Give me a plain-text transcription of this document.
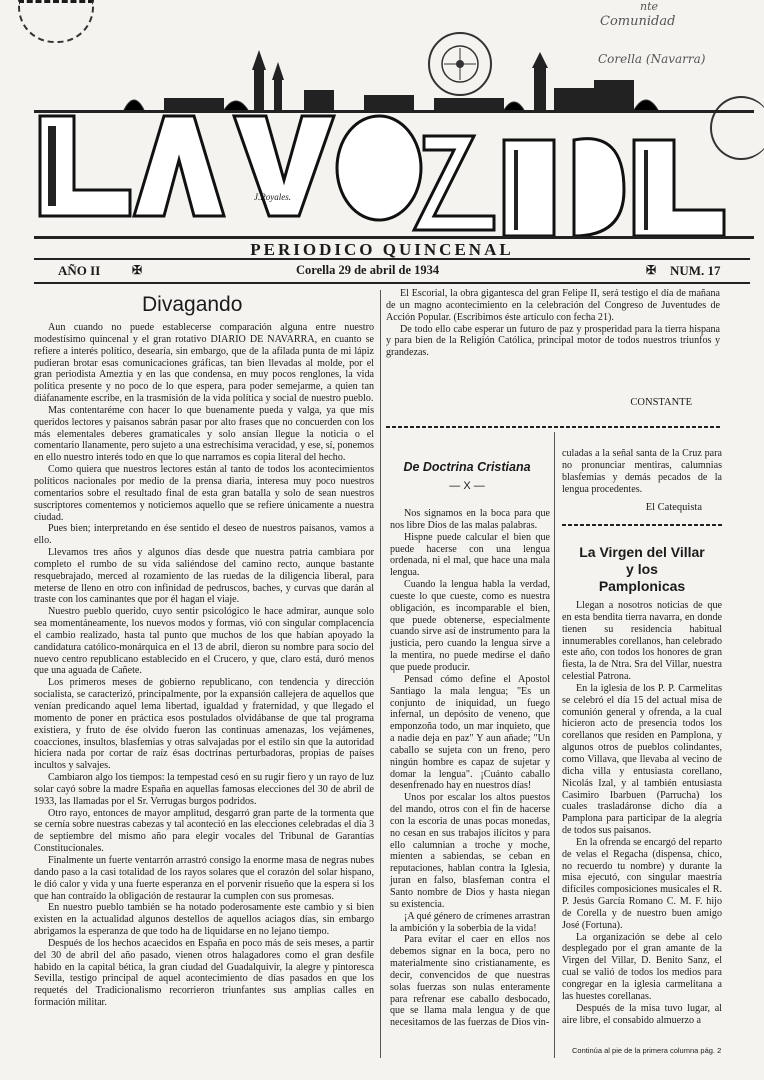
Comunidad
Corella (Navarra)
nte
J.Royales.
PERIODICO QUINCENAL
AÑO II	✠	Corella 29 de abril de 1934	✠ NUM. 17
Divagando

Aun cuando no puede establecerse comparación alguna entre nuestro modestísimo quincenal y el gran rotativo DIARIO DE NAVARRA, en cuanto se refiere a interés político, desearía, sin embargo, que de la afilada punta de mi lápiz pudieran brotar esas comunicaciones gráficas, tan bien llevadas al molde, por el gran periodista Ameztia y en las que condensa, en muy pocos renglones, la vida política presente y no poco de lo que espera, para poder semejarme, a quien tan diáfanamente escribe, en la trasmisión de la vida política y social de nuestro pueblo.

Mas contentaréme con hacer lo que buenamente pueda y valga, ya que mis queridos lectores y paisanos sabrán pasar por alto frases que no concuerden con los más elementales deberes gramaticales y solo ansían llegue la noticia o el comentario llanamente, pero sujeto a una estrechísima veracidad, y ese, sí, ponemos en ello nuestro interés todo en que lo que narramos es copia literal del hecho.

Como quiera que nuestros lectores están al tanto de todos los acontecimientos políticos nacionales por medio de la prensa diaria, interesa muy poco nuestros comentarios sobre el resultado final de esta gran batalla y solo de sean nuestros suscriptores comentemos y noticiemos aquello que se refiere únicamente a nuestra ciudad.

Pues bien; interpretando en ése sentido el deseo de nuestros paisanos, vamos a ello.

Llevamos tres años y algunos días desde que nuestra patria cambiara por completo el rumbo de su vida saliéndose del camino recto, aunque bastante resquebrajado, merced al rozamiento de las ruedas de la diligencia liberal, para meterse de lleno en otro con infinidad de pedruscos, baches, y curvas que darán al traste con los caminantes que por él hagan el viaje.

Nuestro pueblo querido, cuyo sentir psicológico le hace admirar, aunque solo sea momentáneamente, los nuevos modos y formas, vió con singular complacencia el cambio realizado, hasta tal punto que muchos de los que habían apoyado la candidatura católico-monárquica en el 13 de abril, dieron su nombre para socio del nuevo centro republicano establecido en el Crucero, y que, claro está, duró menos que una aguada de Cañete.

Los primeros meses de gobierno republicano, con tendencia y dirección socialista, se caracterizó, principalmente, por la expansión callejera de aquellos que venían predicando aquel lema libertad, igualdad y fraternidad, y que llegado el momento de poner en práctica esos postulados olvidábanse de que tal programa existiera, y fruto de ése olvido fueron las continuas amenazas, los vejámenes, coacciones, insultos, blasfemias y otras salvajadas por el estilo sin que la autoridad hiciera nada por cortar de raíz ésas doctrinas perturbadoras, propias de países incultos y salvajes.

Cambiaron algo los tiempos: la tempestad cesó en su rugir fiero y un rayo de luz solar cayó sobre la madre España en aquellas famosas elecciones del 30 de abril de 1933, las llamadas por el Sr. Verrugas burgos podridos.

Otro rayo, entonces de mayor amplitud, desgarró gran parte de la tormenta que se cernía sobre nuestras cabezas y tal aconteció en las elecciones celebradas el día 3 de septiembre del mismo año para elegir vocales del Tribunal de Garantías Constitucionales.

Finalmente un fuerte ventarrón arrastró consigo la enorme masa de negras nubes dando paso a la casi totalidad de los rayos solares que el corazón del solar hispano, le dió calor y vida y una fuerte esperanza en el porvenir risueño que la espera si los que han contraído la obligación de restaurar la cumplen con sus promesas.

En nuestro pueblo también se ha notado poderosamente este cambio y si bien existen en la actualidad algunos destellos de aquellos aciagos días, sin embargo abrigamos la esperanza de que todo ha de liquidarse en no lejano tiempo.

Después de los hechos acaecidos en España en poco más de seis meses, a partir del 30 de abril del año pasado, vienen otros halagadores como el gran desfile habido en la capital bética, la gran ciudad del Guadalquivir, la alegre y pintoresca Sevilla, testigo principal de aquel acontecimiento de días pasados en que los requetés del Tradicionalismo recorrieron triunfantes sus amplias calles en formación militar.

El Escorial, la obra gigantesca del gran Felipe II, será testigo el día de mañana de un magno acontecimiento en la celebración del Congreso de Juventudes de Acción Popular. (Escribimos éste artículo con fecha 21).

De todo ello cabe esperar un futuro de paz y prosperidad para la tierra hispana y para bien de la Religión Católica, principal motor de todos nuestros triunfos y grandezas.

CONSTANTE
De Doctrina Cristiana
— X —

Nos signamos en la boca para que nos libre Dios de las malas palabras.

Hispne puede calcular el bien que puede hacerse con una lengua ordenada, ni el mal, que hace una mala lengua.

Cuando la lengua habla la verdad, cueste lo que cueste, como es nuestra obligación, es incomparable el bien, que puede obtenerse, especialmente cuando sirve así de instrumento para la justicia, pero cuando la lengua sirve a la mentira, no puede medirse el daño que puede producir.

Pensad cómo define el Apostol Santiago la mala lengua; "Es un conjunto de iniquidad, un fuego infernal, un depósito de veneno, que emponzoña todo, un mar inquieto, que a nadie deja en paz" Y aun añade; "Un caballo se sujeta con un freno, pero ningún hombre es capaz de sujetar y domar la lengua". ¡Cuánto caballo desenfrenado hay en nuestros días!

Unos por escalar los altos puestos del mando, otros con el fin de hacerse con la escoria de unas pocas monedas, no cesan en sus trabajos ilícitos y para ello calumnian a troche y moche, mienten a sabiendas, se ceban en reputaciones, hablan contra la Iglesia, juran en falso, blasfeman contra el Santo nombre de Dios y hasta niegan su existencia.

¡A qué género de crímenes arrastran la ambición y la soberbia de la vida!

Para evitar el caer en ellos nos debemos signar en la boca, pero no materialmente sino cristianamente, es decir, convencidos de que nuestras solas fuerzas son nulas enteramente para refrenar ese caballo desbocado, que se llama mala lengua y de que necesitamos de las fuerzas de Dios vin-

culadas a la señal santa de la Cruz para no pronunciar mentiras, calumnias blasfemias y demás pecados de la lengua procedentes.

El Catequista
La Virgen del Villar
y los
Pamplonicas

Llegan a nosotros noticias de que en esta bendita tierra navarra, en donde tienen su residencia habitual innumerables corellanos, han celebrado este año, con todos los honores de gran fiesta, la de Ntra. Sra del Villar, nuestra celestial Patrona.

En la iglesia de los P. P. Carmelitas se celebró el día 15 del actual misa de comunión general y ofrenda, a la cual hicieron acto de presencia todos los corellanos que residen en Pamplona, y algunos otros de pueblos colindantes, como Villava, que llevaba al vecino de dicha villa y entusiasta corellano, Nicolás Izal, y al también entusiasta Casimiro Ibarbuen (Parrucha) los cuales trasladáronse dicho día a Pamplona para participar de la alegría de todos sus paisanos.

En la ofrenda se encargó del reparto de velas el Regacha (dispensa, chico, no recuerdo tu nombre) y durante la misa ejecutó, con singular maestría difíciles composiciones musicales el R. P. Jesús García Romano C. M. F. hijo de Corella y de nuestro buen amigo José (Fortuna).

La organización se debe al celo desplegado por el gran amante de la Virgen del Villar, D. Benito Sanz, el cual se valió de todos los medios para congregar en la iglesia carmelitana a las huestes corellanas.

Después de la misa tuvo lugar, al aire libre, el consabido almuerzo a

Continúa al pie de la primera columna pág. 2
